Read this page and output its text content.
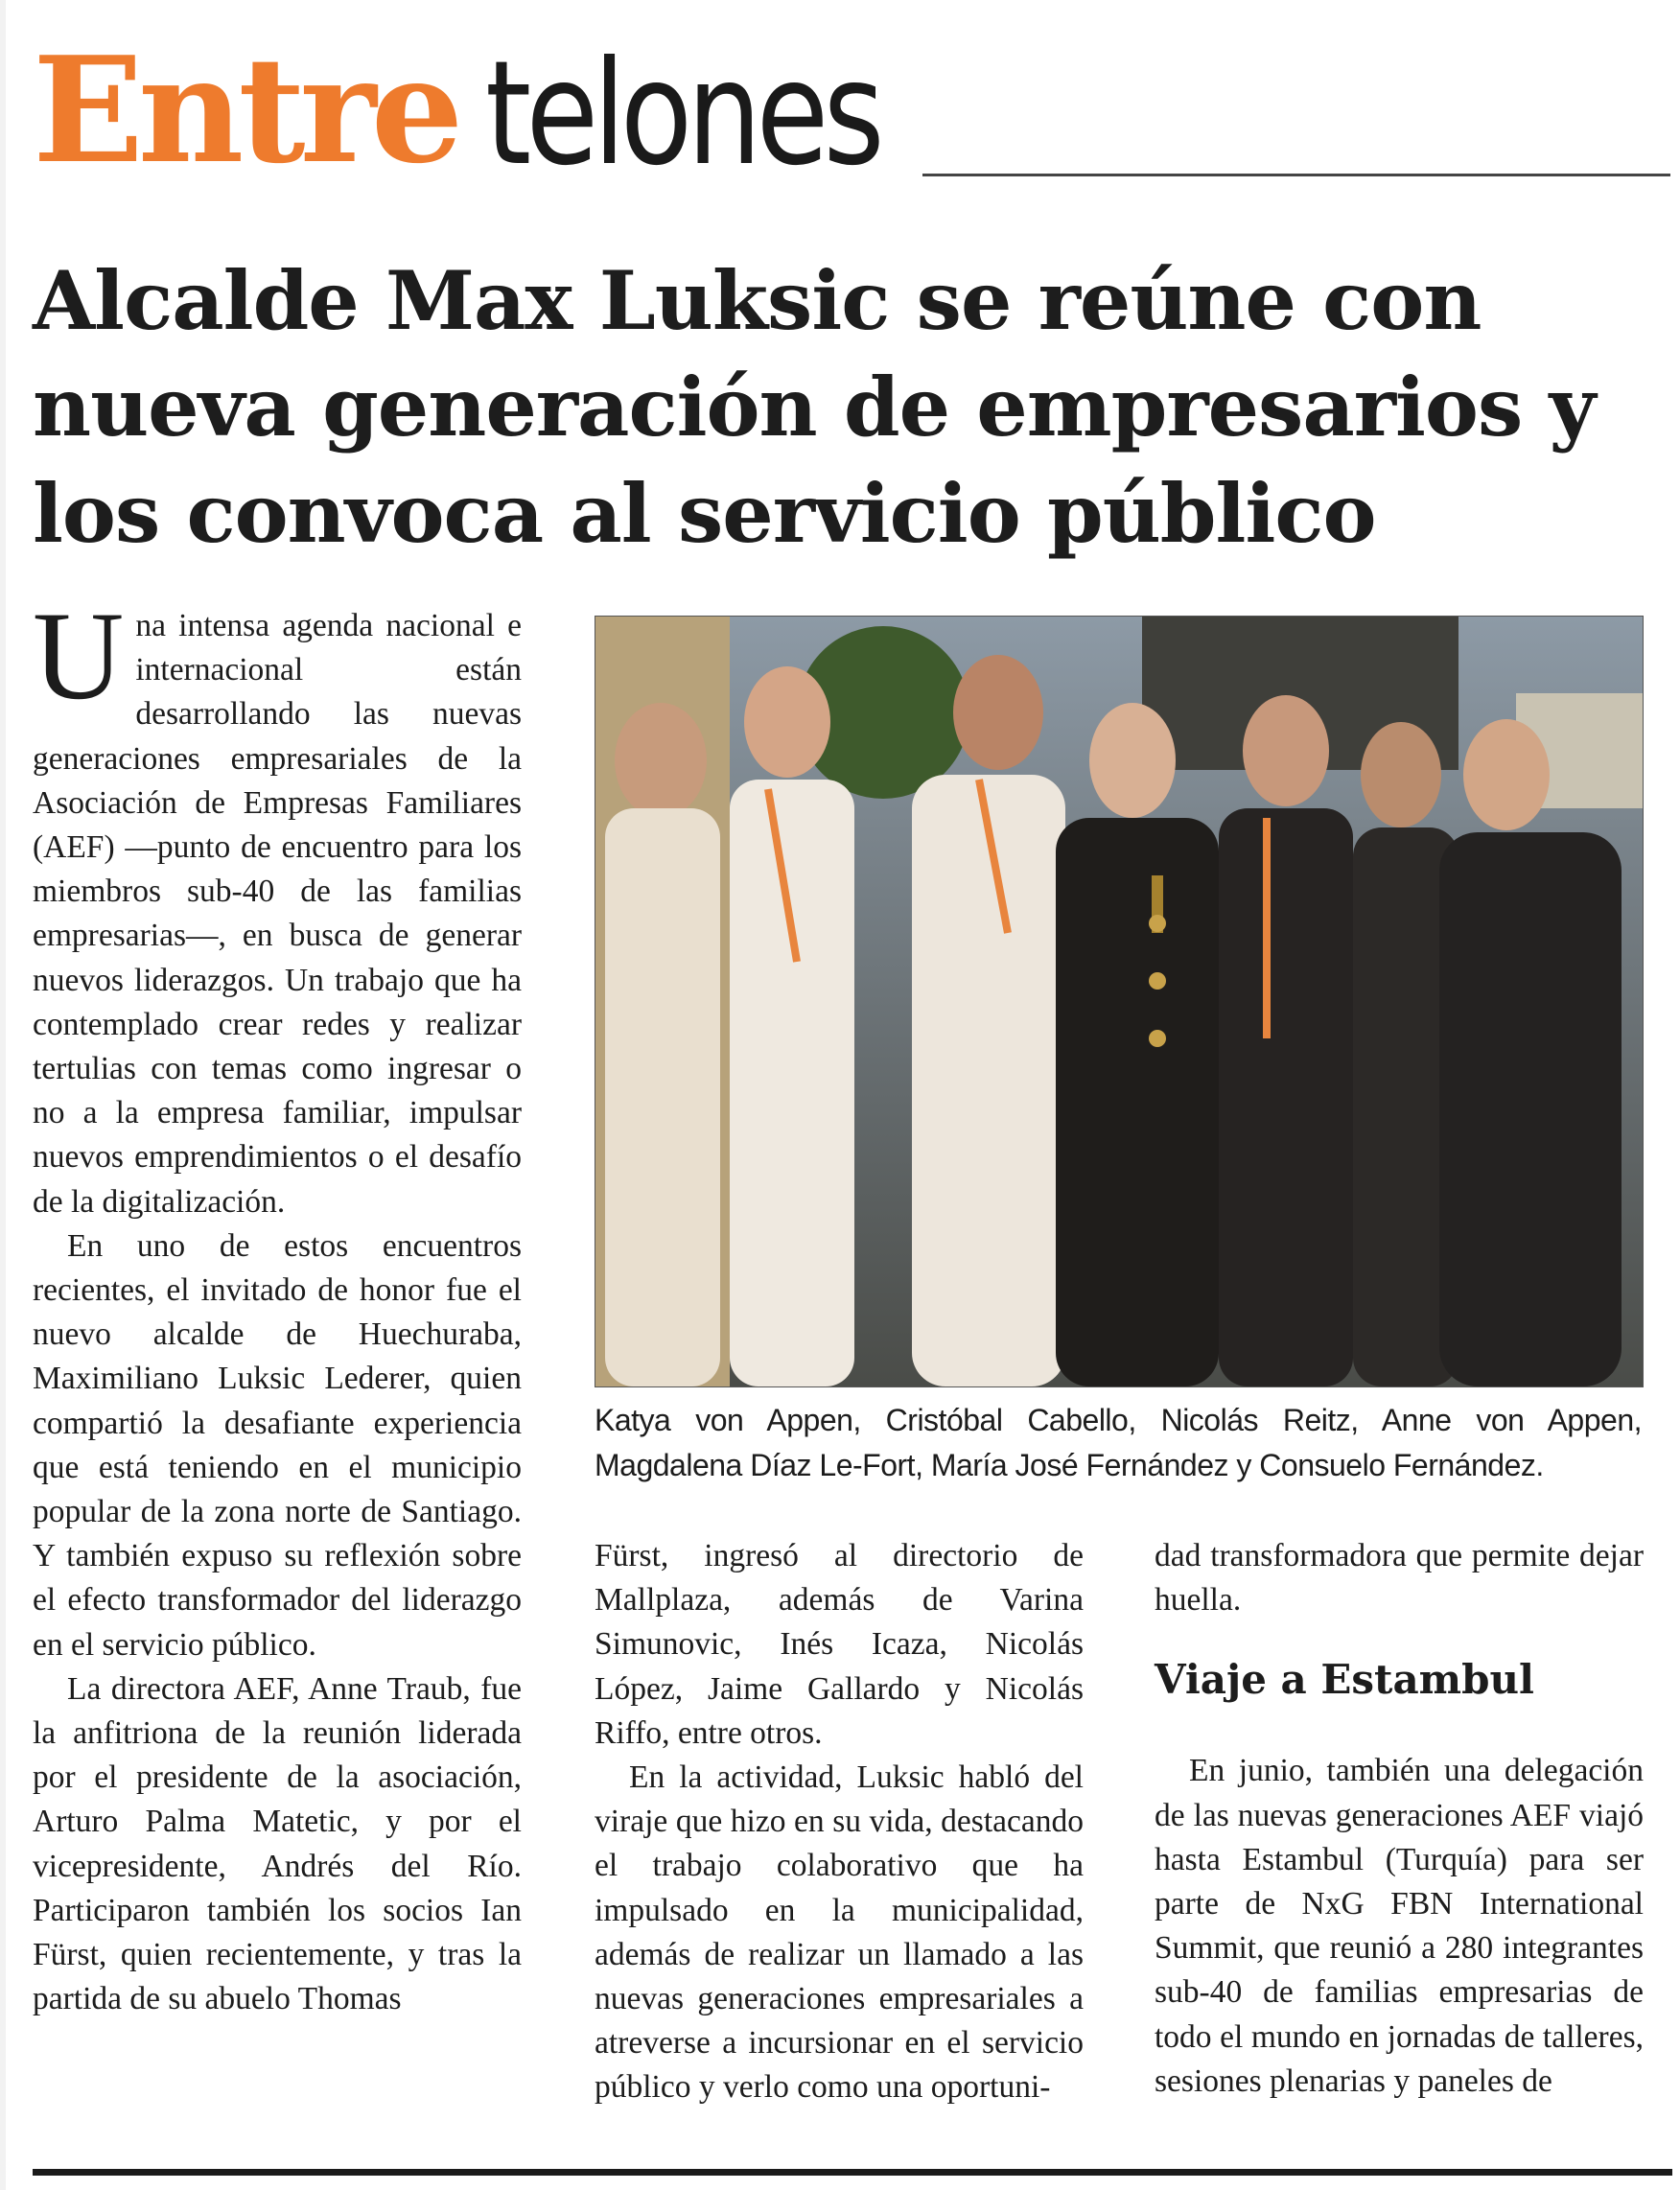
Entre telones
Alcalde Max Luksic se reúne con nueva generación de empresarios y los convoca al servicio público

Una intensa agenda nacional e internacional están desarrollando las nuevas generaciones empresariales de la Asociación de Empresas Familiares (AEF) —punto de encuentro para los miembros sub-40 de las familias empresarias—, en busca de generar nuevos liderazgos. Un trabajo que ha contemplado crear redes y realizar tertulias con temas como ingresar o no a la empresa familiar, impulsar nuevos emprendimientos o el desafío de la digitalización.

En uno de estos encuentros recientes, el invitado de honor fue el nuevo alcalde de Huechuraba, Maximiliano Luksic Lederer, quien compartió la desafiante experiencia que está teniendo en el municipio popular de la zona norte de Santiago. Y también expuso su reflexión sobre el efecto transformador del liderazgo en el servicio público.

La directora AEF, Anne Traub, fue la anfitriona de la reunión liderada por el presidente de la asociación, Arturo Palma Matetic, y por el vicepresidente, Andrés del Río. Participaron también los socios Ian Fürst, quien recientemente, y tras la partida de su abuelo Thomas

Katya von Appen, Cristóbal Cabello, Nicolás Reitz, Anne von Appen, Magdalena Díaz Le-Fort, María José Fernández y Consuelo Fernández.

Fürst, ingresó al directorio de Mallplaza, además de Varina Simunovic, Inés Icaza, Nicolás López, Jaime Gallardo y Nicolás Riffo, entre otros.

En la actividad, Luksic habló del viraje que hizo en su vida, destacando el trabajo colaborativo que ha impulsado en la municipalidad, además de realizar un llamado a las nuevas generaciones empresariales a atreverse a incursionar en el servicio público y verlo como una oportuni-

dad transformadora que permite dejar huella.

Viaje a Estambul

En junio, también una delegación de las nuevas generaciones AEF viajó hasta Estambul (Turquía) para ser parte de NxG FBN International Summit, que reunió a 280 integrantes sub-40 de familias empresarias de todo el mundo en jornadas de talleres, sesiones plenarias y paneles de
